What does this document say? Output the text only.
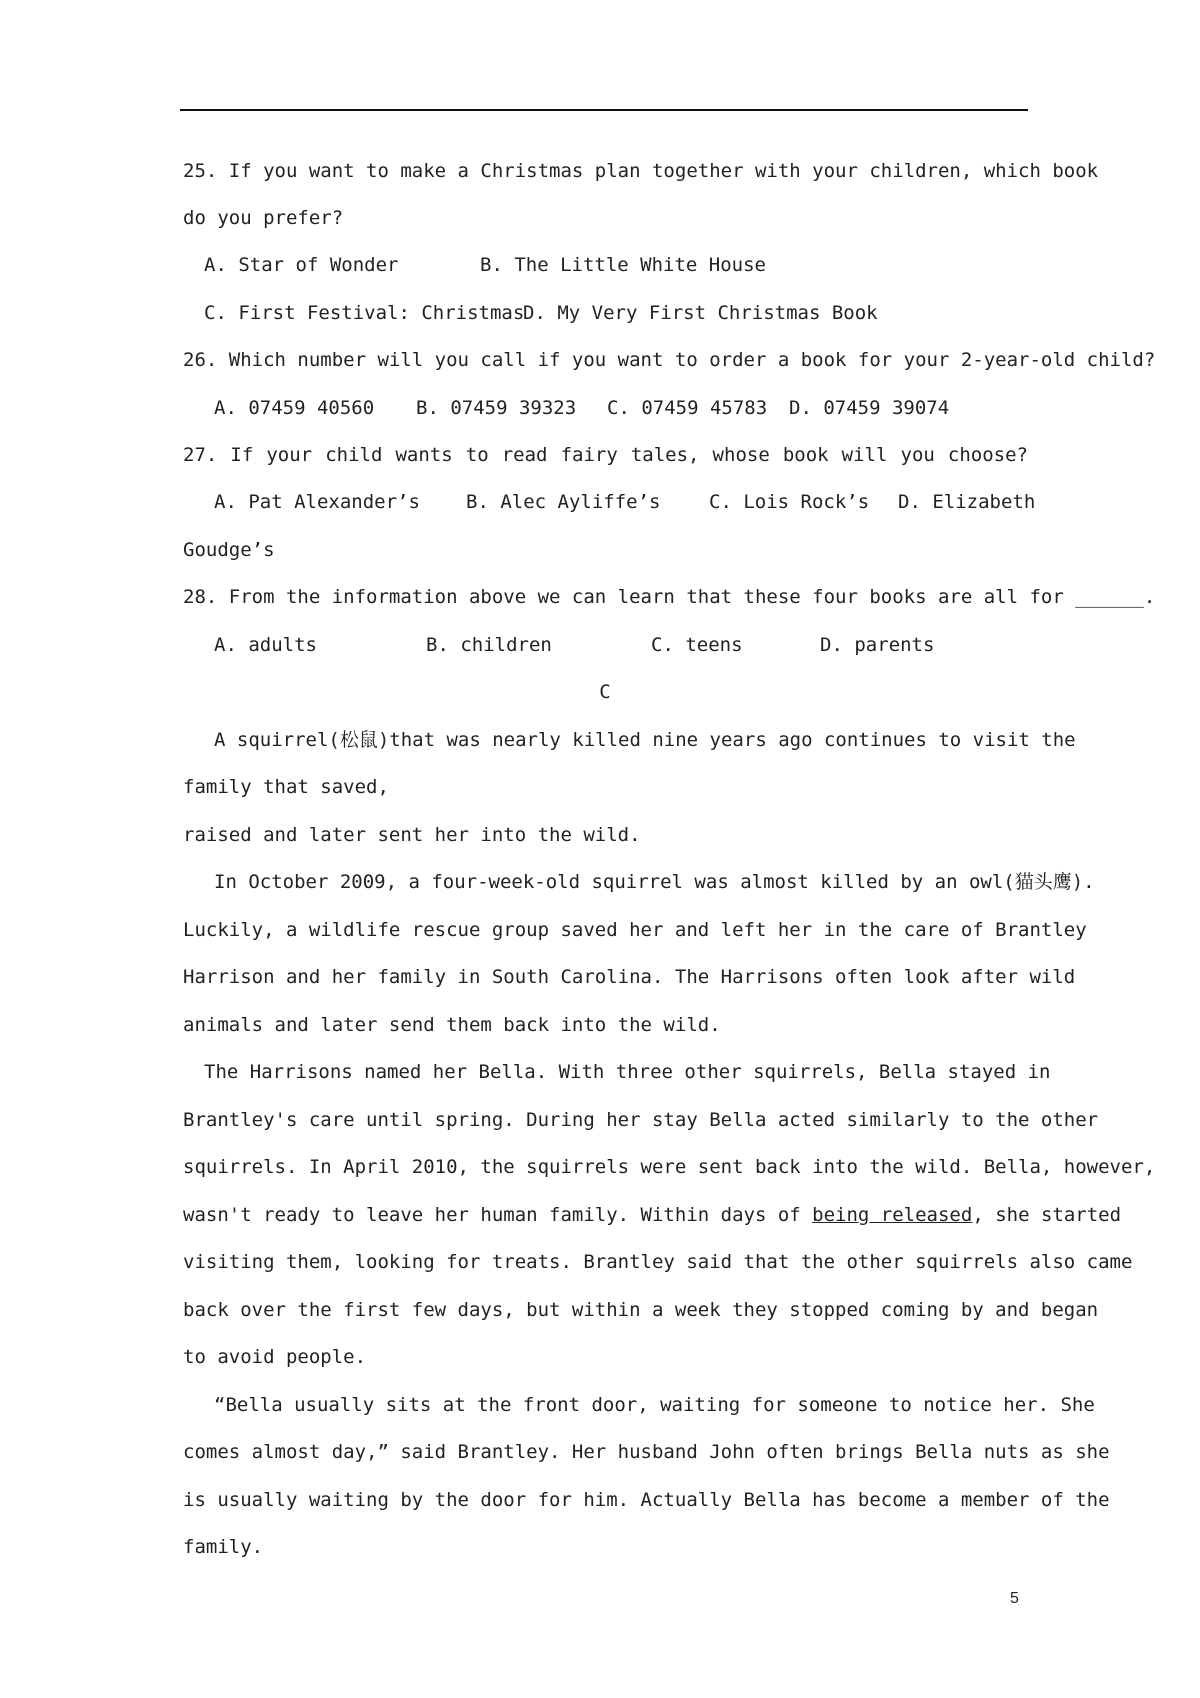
25. If you want to make a Christmas plan together with your children, which book
do you prefer?
A. Star of Wonder	B. The Little White House
C. First Festival: Christmas
D. My Very First Christmas Book
26. Which number will you call if you want to order a book for your 2-year-old child?
A. 07459 40560 B. 07459 39323 C. 07459 45783 D. 07459 39074
27. If your child wants to read fairy tales, whose book will you choose?
A. Pat Alexander’s B. Alec Ayliffe’s	C. Lois Rock’s D. Elizabeth
Goudge’s
28. From the information above we can learn that these four books are all for ______.
A. adults	B. children	C. teens	D. parents
C
A squirrel(松鼠)that was nearly killed nine years ago continues to visit the
family that saved,
raised and later sent her into the wild.
In October 2009, a four-week-old squirrel was almost killed by an owl(猫头鹰).
Luckily, a wildlife rescue group saved her and left her in the care of Brantley
Harrison and her family in South Carolina. The Harrisons often look after wild
animals and later send them back into the wild.
The Harrisons named her Bella. With three other squirrels, Bella stayed in
Brantley's care until spring. During her stay Bella acted similarly to the other
squirrels. In April 2010, the squirrels were sent back into the wild. Bella, however,
wasn't ready to leave her human family. Within days of being released, she started
visiting them, looking for treats. Brantley said that the other squirrels also came
back over the first few days, but within a week they stopped coming by and began
to avoid people.
“Bella usually sits at the front door, waiting for someone to notice her. She
comes almost day,” said Brantley. Her husband John often brings Bella nuts as she
is usually waiting by the door for him. Actually Bella has become a member of the
family.
5
